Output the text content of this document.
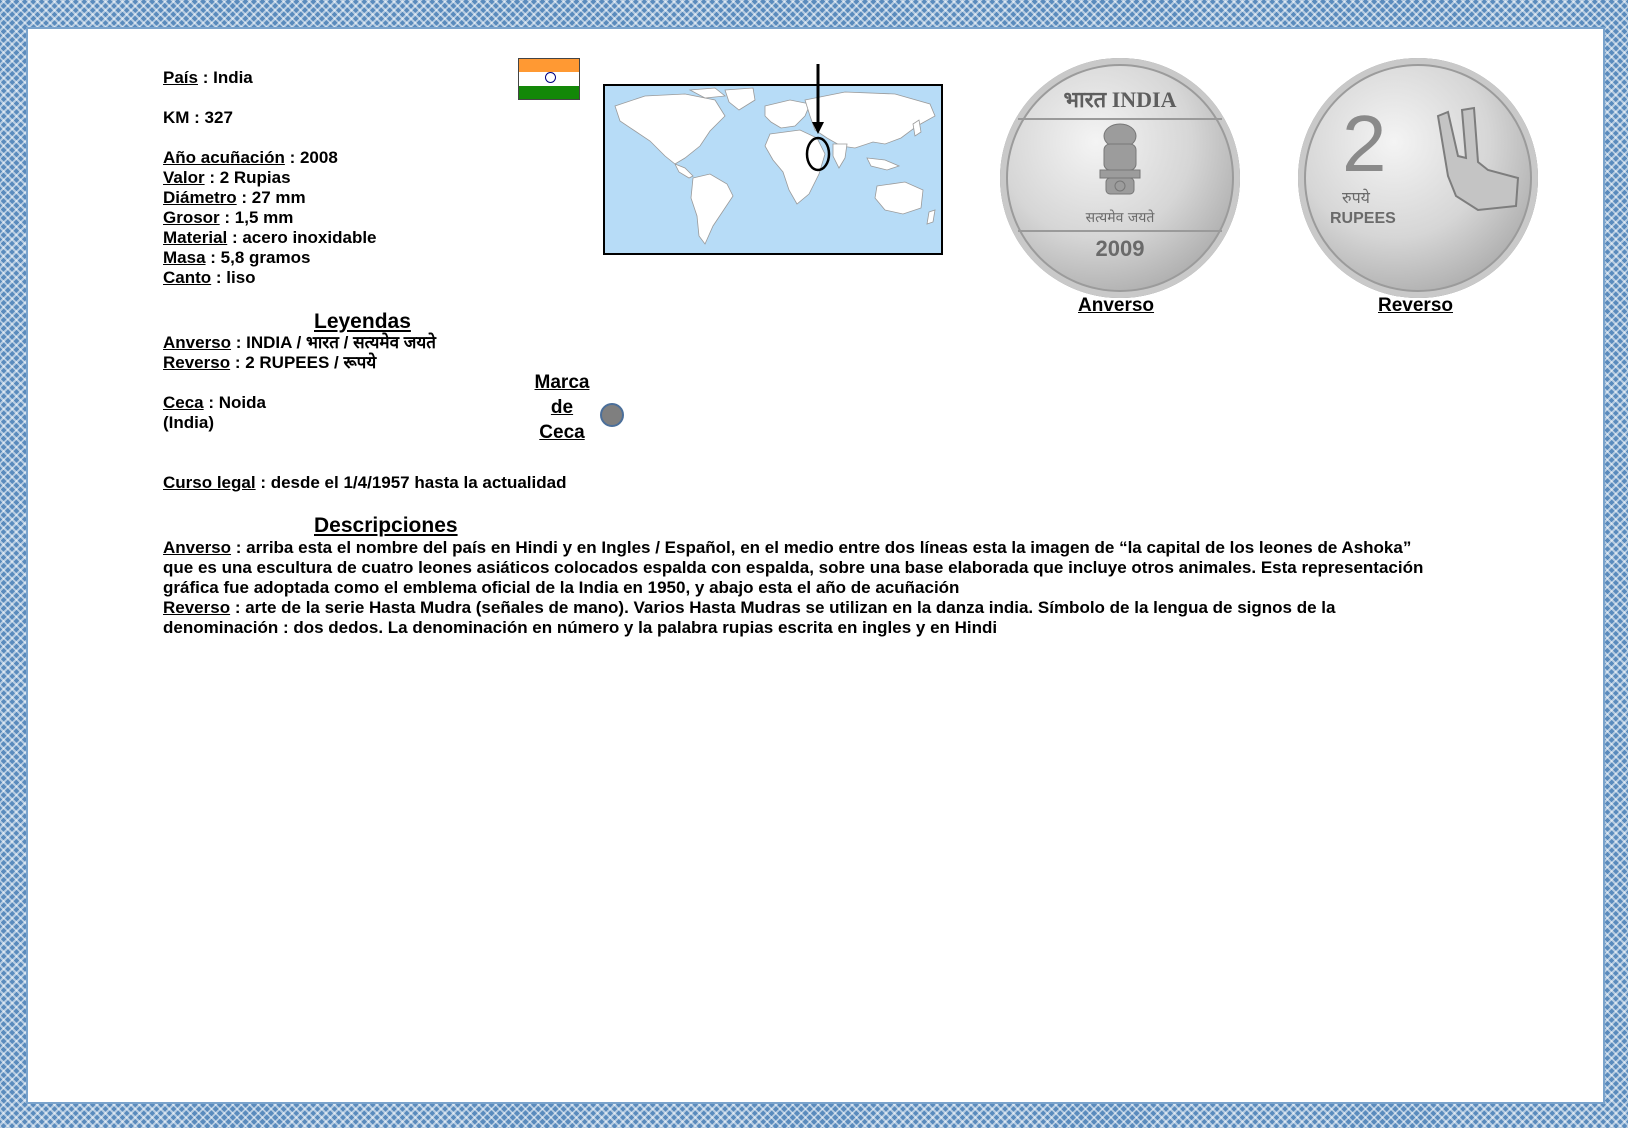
País : India
KM : 327
Año acuñación : 2008
Valor : 2 Rupias
Diámetro : 27 mm
Grosor : 1,5 mm
Material : acero inoxidable
Masa : 5,8 gramos
Canto : liso
भारत INDIA
सत्यमेव जयते
2009
Anverso
2
रुपये
RUPEES
Reverso
Leyendas
Anverso : INDIA / भारत / सत्यमेव जयते
Reverso : 2 RUPEES / रूपये
Ceca : Noida
(India)
Marca
de
Ceca
Curso legal : desde el 1/4/1957 hasta la actualidad
Descripciones
Anverso : arriba esta el nombre del país en Hindi y en Ingles / Español, en el medio entre dos líneas esta la imagen de “la capital de los leones de Ashoka”
que es una escultura de cuatro leones asiáticos colocados espalda con espalda, sobre una base elaborada que incluye otros animales. Esta representación
gráfica fue adoptada como el emblema oficial de la India en 1950, y abajo esta el año de acuñación
Reverso : arte de la serie Hasta Mudra (señales de mano). Varios Hasta Mudras se utilizan en la danza india. Símbolo de la lengua de signos de la
denominación : dos dedos. La denominación en número y la palabra rupias escrita en ingles y en Hindi
